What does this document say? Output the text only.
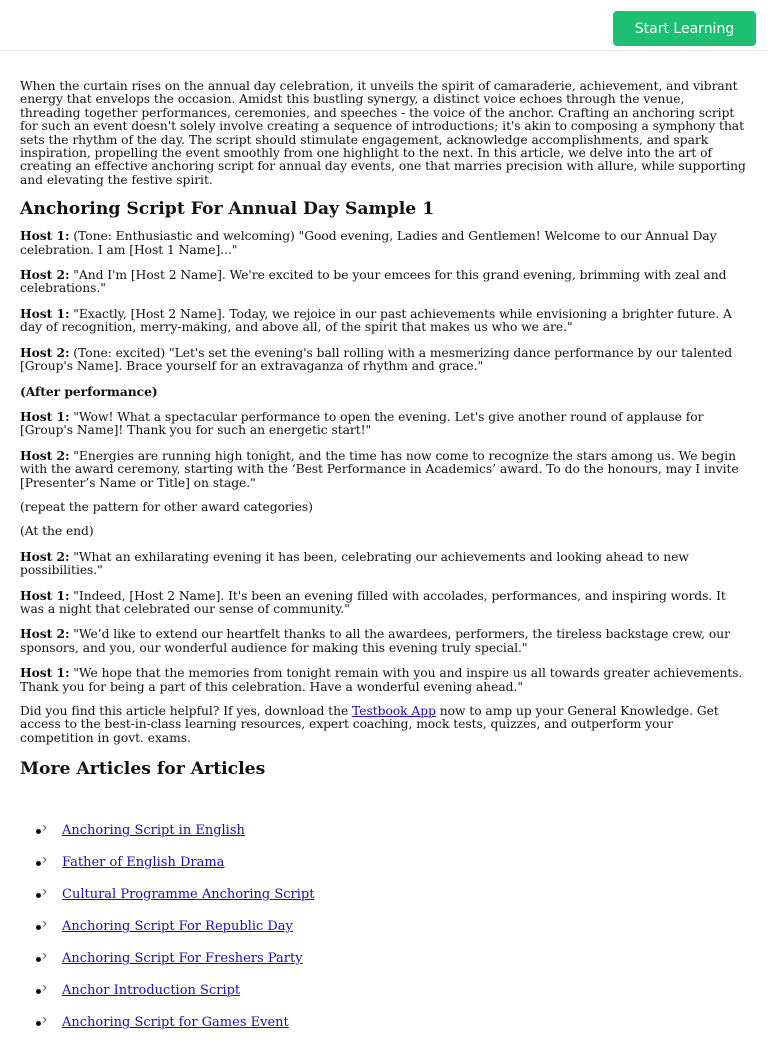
Start Learning

When the curtain rises on the annual day celebration, it unveils the spirit of camaraderie, achievement, and vibrant energy that envelops the occasion. Amidst this bustling synergy, a distinct voice echoes through the venue, threading together performances, ceremonies, and speeches - the voice of the anchor. Crafting an anchoring script for such an event doesn't solely involve creating a sequence of introductions; it's akin to composing a symphony that sets the rhythm of the day. The script should stimulate engagement, acknowledge accomplishments, and spark inspiration, propelling the event smoothly from one highlight to the next. In this article, we delve into the art of creating an effective anchoring script for annual day events, one that marries precision with allure, while supporting and elevating the festive spirit.

Anchoring Script For Annual Day Sample 1

Host 1: (Tone: Enthusiastic and welcoming) "Good evening, Ladies and Gentlemen! Welcome to our Annual Day celebration. I am [Host 1 Name]..."

Host 2: "And I'm [Host 2 Name]. We're excited to be your emcees for this grand evening, brimming with zeal and celebrations."

Host 1: "Exactly, [Host 2 Name]. Today, we rejoice in our past achievements while envisioning a brighter future. A day of recognition, merry-making, and above all, of the spirit that makes us who we are."

Host 2: (Tone: excited) "Let's set the evening's ball rolling with a mesmerizing dance performance by our talented [Group's Name]. Brace yourself for an extravaganza of rhythm and grace."

(After performance)

Host 1: "Wow! What a spectacular performance to open the evening. Let's give another round of applause for [Group's Name]! Thank you for such an energetic start!"

Host 2: "Energies are running high tonight, and the time has now come to recognize the stars among us. We begin with the award ceremony, starting with the ‘Best Performance in Academics’ award. To do the honours, may I invite [Presenter’s Name or Title] on stage."

(repeat the pattern for other award categories)

(At the end)

Host 2: "What an exhilarating evening it has been, celebrating our achievements and looking ahead to new possibilities."

Host 1: "Indeed, [Host 2 Name]. It's been an evening filled with accolades, performances, and inspiring words. It was a night that celebrated our sense of community."

Host 2: "We’d like to extend our heartfelt thanks to all the awardees, performers, the tireless backstage crew, our sponsors, and you, our wonderful audience for making this evening truly special."

Host 1: "We hope that the memories from tonight remain with you and inspire us all towards greater achievements. Thank you for being a part of this celebration. Have a wonderful evening ahead."

Did you find this article helpful? If yes, download the Testbook App now to amp up your General Knowledge. Get access to the best-in-class learning resources, expert coaching, mock tests, quizzes, and outperform your competition in govt. exams.

More Articles for Articles
› Anchoring Script in English
› Father of English Drama
› Cultural Programme Anchoring Script
› Anchoring Script For Republic Day
› Anchoring Script For Freshers Party
› Anchor Introduction Script
› Anchoring Script for Games Event
